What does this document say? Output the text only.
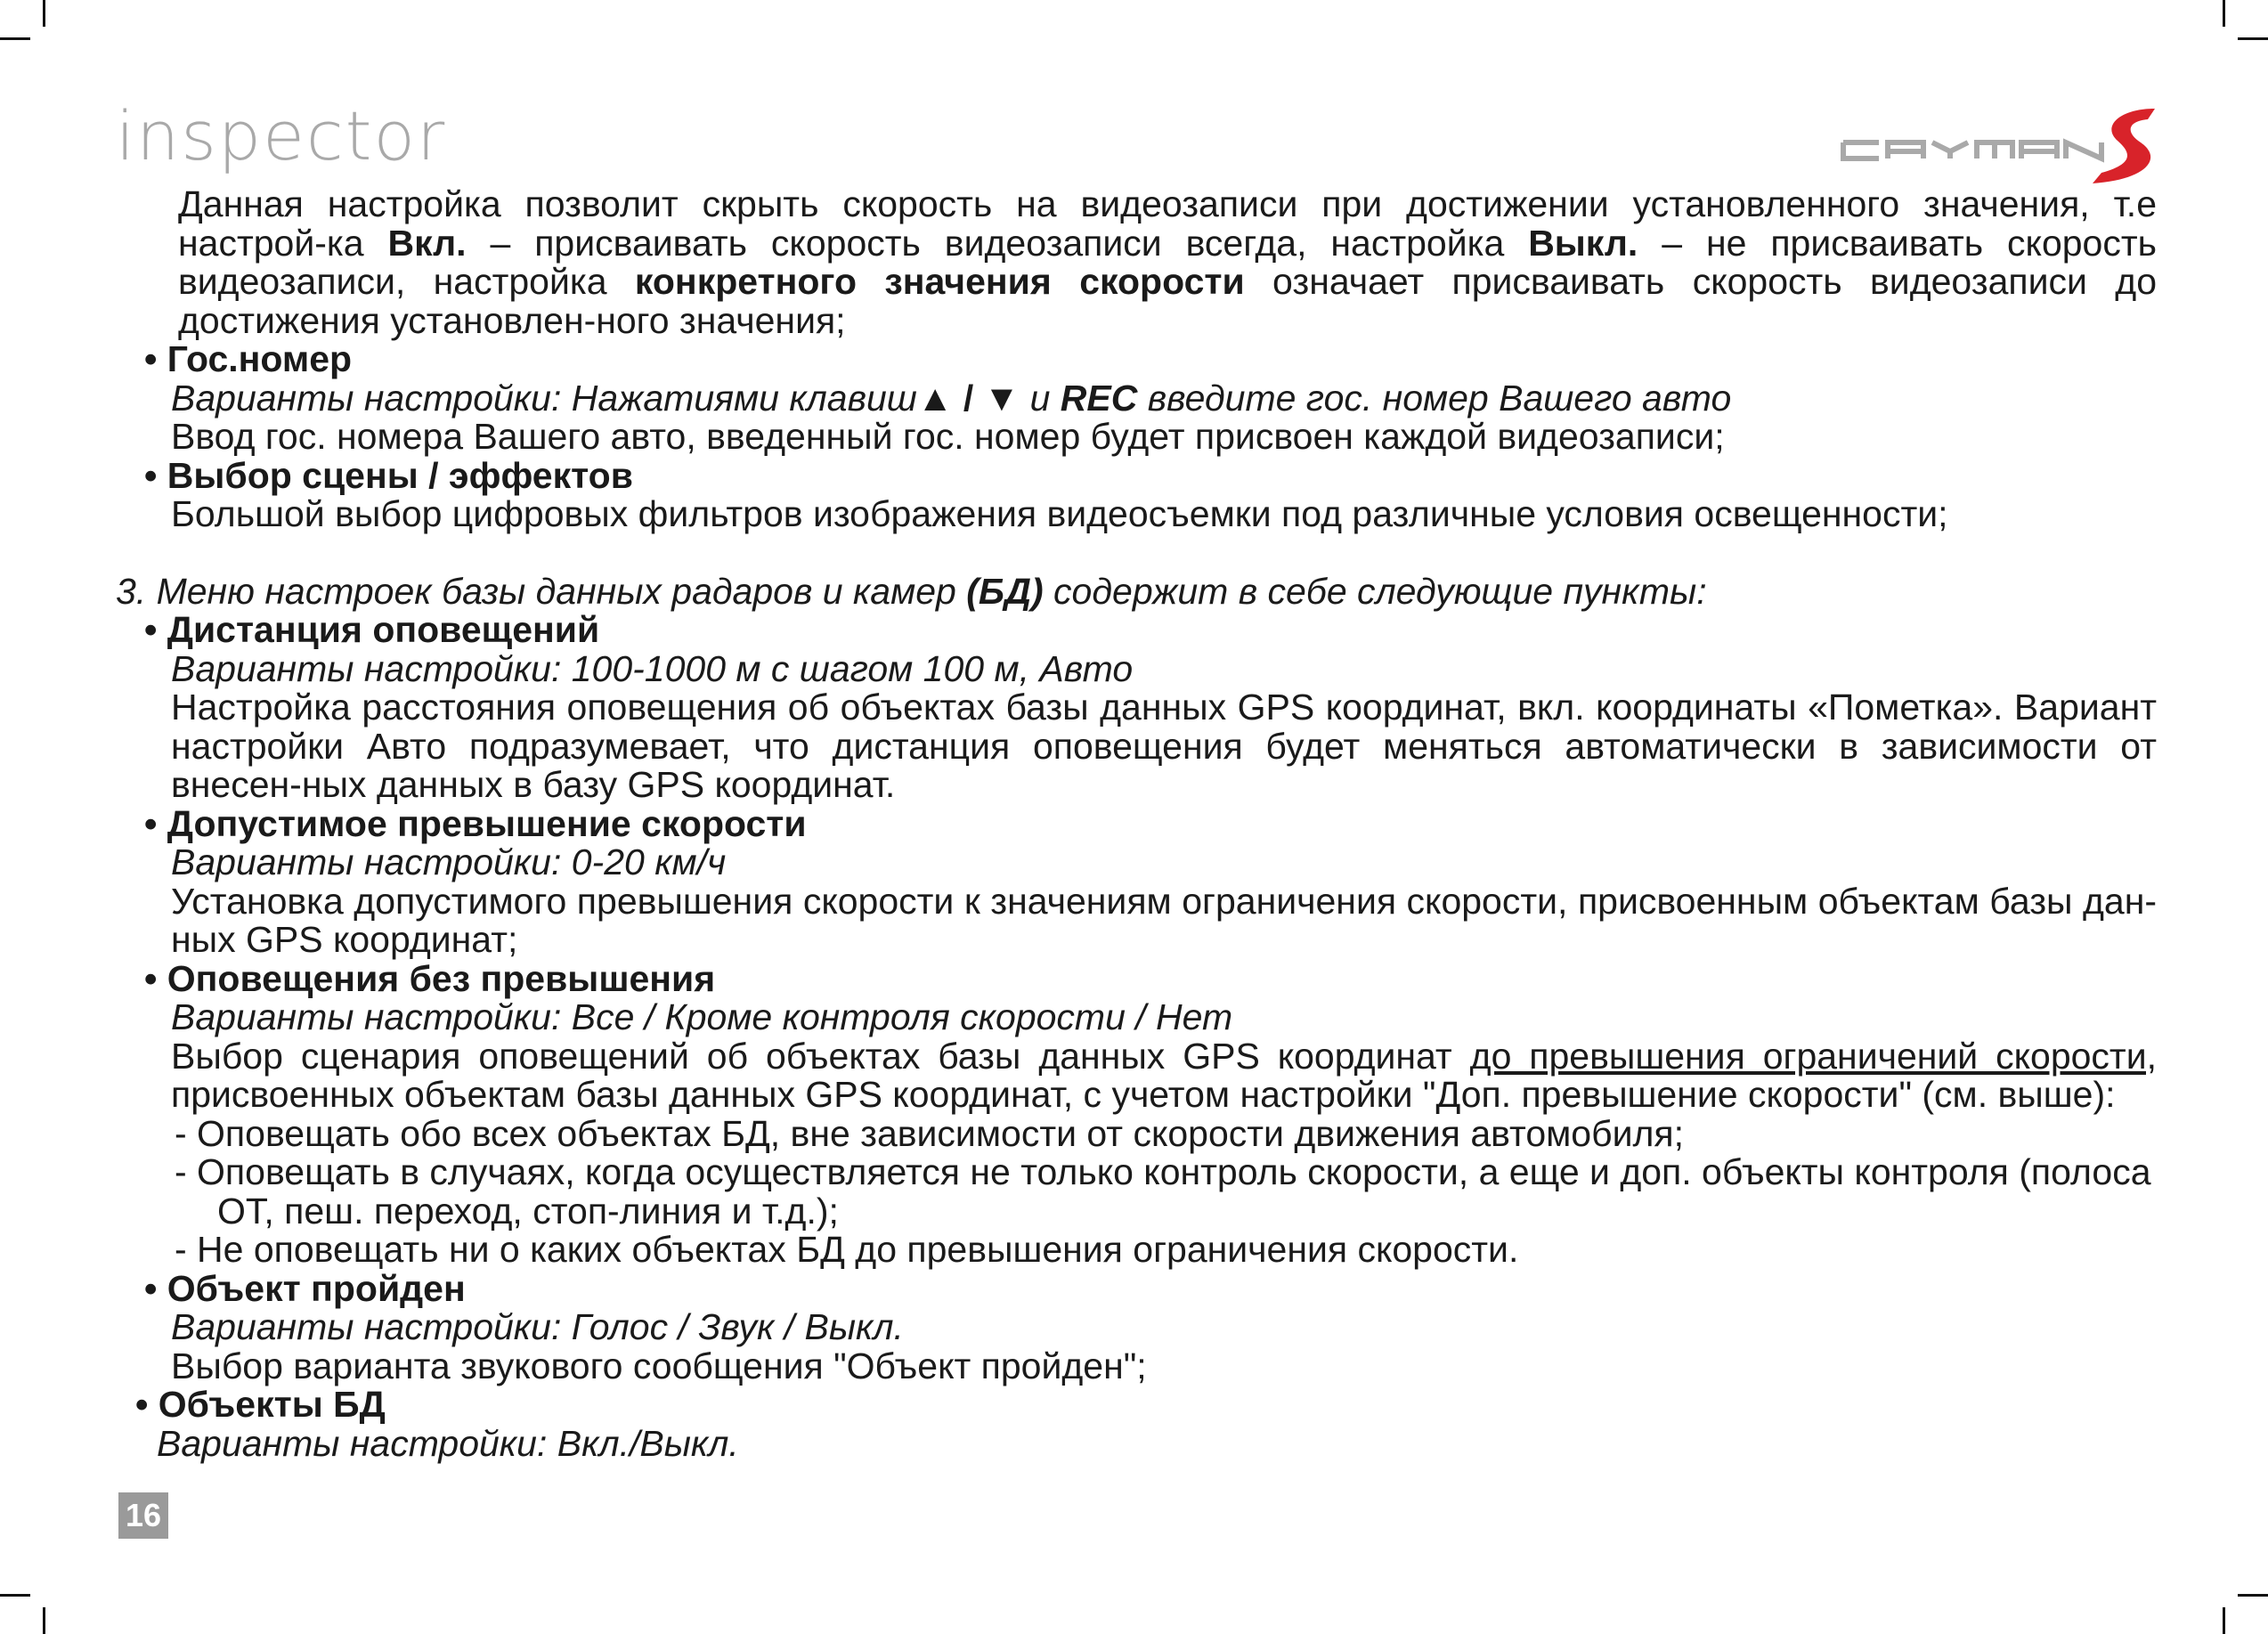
inspector

Данная настройка позволит скрыть скорость на видеозаписи при достижении установленного значения, т.е настрой-ка Вкл. – присваивать скорость видеозаписи всегда, настройка Выкл. – не присваивать скорость видеозаписи, настройка конкретного значения скорости означает присваивать скорость видеозаписи до достижения установлен-ного значения;

• Гос.номер

Варианты настройки: Нажатиями клавиш▲ / ▼ и REC введите гос. номер Вашего авто

Ввод гос. номера Вашего авто, введенный гос. номер будет присвоен каждой видеозаписи;

• Выбор сцены / эффектов

Большой выбор цифровых фильтров изображения видеосъемки под различные условия освещенности;

3. Меню настроек базы данных радаров и камер (БД) содержит в себе следующие пункты:

• Дистанция оповещений

Варианты настройки: 100-1000 м с шагом 100 м, Авто

Настройка расстояния оповещения об объектах базы данных GPS координат, вкл. координаты «Пометка». Вариант настройки Авто подразумевает, что дистанция оповещения будет меняться автоматически в зависимости от внесен-ных данных в базу GPS координат.

• Допустимое превышение скорости

Варианты настройки: 0-20 км/ч

Установка допустимого превышения скорости к значениям ограничения скорости, присвоенным объектам базы дан-ных GPS координат;

• Оповещения без превышения

Варианты настройки: Все / Кроме контроля скорости / Нет

Выбор сценария оповещений об объектах базы данных GPS координат до превышения ограничений скорости, присвоенных объектам базы данных GPS координат, с учетом настройки "Доп. превышение скорости" (см. выше):

- Оповещать обо всех объектах БД, вне зависимости от скорости движения автомобиля;

- Оповещать в случаях, когда осуществляется не только контроль скорости, а еще и доп. объекты контроля (полоса

ОТ, пеш. переход, стоп-линия и т.д.);

- Не оповещать ни о каких объектах БД до превышения ограничения скорости.

• Объект пройден

Варианты настройки: Голос / Звук / Выкл.

Выбор варианта звукового сообщения "Объект пройден";

• Объекты БД

Варианты настройки: Вкл./Выкл.

16
